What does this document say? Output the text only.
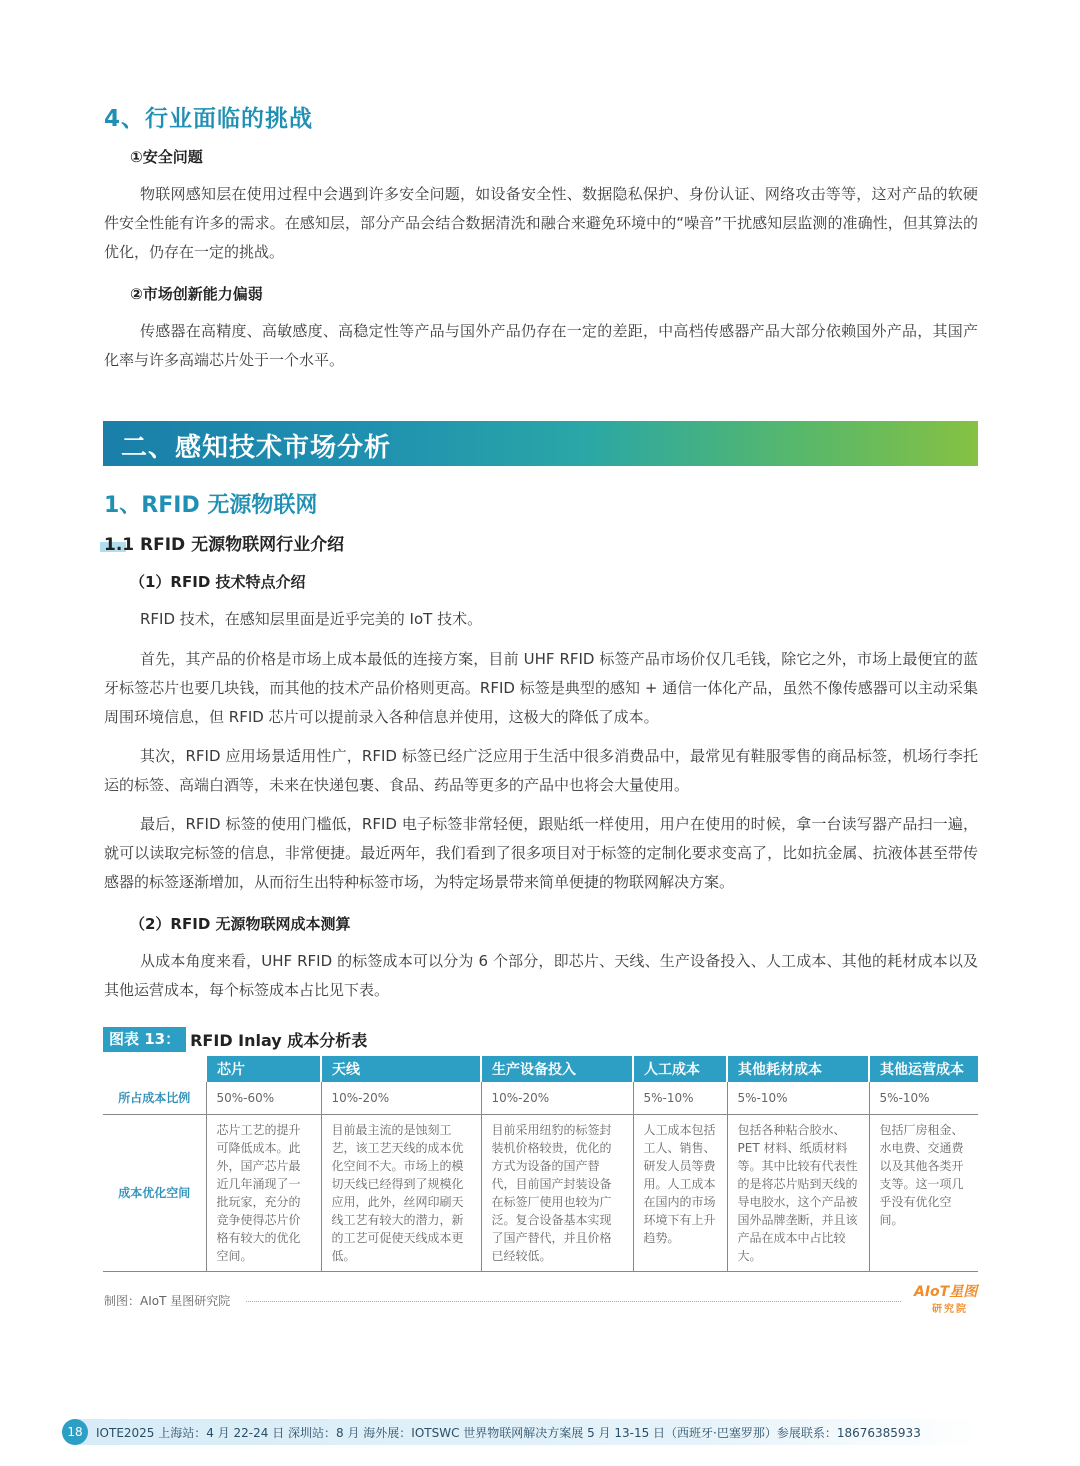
4、行业面临的挑战
①安全问题

物联网感知层在使用过程中会遇到许多安全问题，如设备安全性、数据隐私保护、身份认证、网络攻击等等，这对产品的软硬件安全性能有许多的需求。在感知层，部分产品会结合数据清洗和融合来避免环境中的“噪音”干扰感知层监测的准确性，但其算法的优化，仍存在一定的挑战。

②市场创新能力偏弱

传感器在高精度、高敏感度、高稳定性等产品与国外产品仍存在一定的差距，中高档传感器产品大部分依赖国外产品，其国产化率与许多高端芯片处于一个水平。

二、感知技术市场分析
1、RFID 无源物联网
1.1 RFID 无源物联网行业介绍
（1）RFID 技术特点介绍

RFID 技术，在感知层里面是近乎完美的 IoT 技术。

首先，其产品的价格是市场上成本最低的连接方案，目前 UHF RFID 标签产品市场价仅几毛钱，除它之外，市场上最便宜的蓝牙标签芯片也要几块钱，而其他的技术产品价格则更高。RFID 标签是典型的感知 + 通信一体化产品，虽然不像传感器可以主动采集周围环境信息，但 RFID 芯片可以提前录入各种信息并使用，这极大的降低了成本。

其次，RFID 应用场景适用性广，RFID 标签已经广泛应用于生活中很多消费品中，最常见有鞋服零售的商品标签，机场行李托运的标签、高端白酒等，未来在快递包裹、食品、药品等更多的产品中也将会大量使用。

最后，RFID 标签的使用门槛低，RFID 电子标签非常轻便，跟贴纸一样使用，用户在使用的时候，拿一台读写器产品扫一遍，就可以读取完标签的信息，非常便捷。最近两年，我们看到了很多项目对于标签的定制化要求变高了，比如抗金属、抗液体甚至带传感器的标签逐渐增加，从而衍生出特种标签市场，为特定场景带来简单便捷的物联网解决方案。

（2）RFID 无源物联网成本测算

从成本角度来看，UHF RFID 的标签成本可以分为 6 个部分，即芯片、天线、生产设备投入、人工成本、其他的耗材成本以及其他运营成本，每个标签成本占比见下表。

图表 13： RFID Inlay 成本分析表
	芯片	天线	生产设备投入	人工成本	其他耗材成本	其他运营成本
所占成本比例	50%-60%	10%-20%	10%-20%	5%-10%	5%-10%	5%-10%
成本优化空间	芯片工艺的提升可降低成本。此外，国产芯片最近几年涌现了一批玩家，充分的竞争使得芯片价格有较大的优化空间。	目前最主流的是蚀刻工艺，该工艺天线的成本优化空间不大。市场上的模切天线已经得到了规模化应用，此外，丝网印刷天线工艺有较大的潜力，新的工艺可促使天线成本更低。	目前采用纽豹的标签封装机价格较贵，优化的方式为设备的国产替代，目前国产封装设备在标签厂使用也较为广泛。复合设备基本实现了国产替代，并且价格已经较低。	人工成本包括工人、销售、研发人员等费用。人工成本在国内的市场环境下有上升趋势。	包括各种粘合胶水、PET 材料、纸质材料等。其中比较有代表性的是将芯片贴到天线的导电胶水，这个产品被国外品牌垄断，并且该产品在成本中占比较大。	包括厂房租金、水电费、交通费以及其他各类开支等。这一项几乎没有优化空间。
制图：AIoT 星图研究院
AIoT星图
研究院
18	IOTE2025 上海站：4 月 22-24 日 深圳站：8 月 海外展：IOTSWC 世界物联网解决方案展 5 月 13-15 日（西班牙·巴塞罗那）参展联系：18676385933
